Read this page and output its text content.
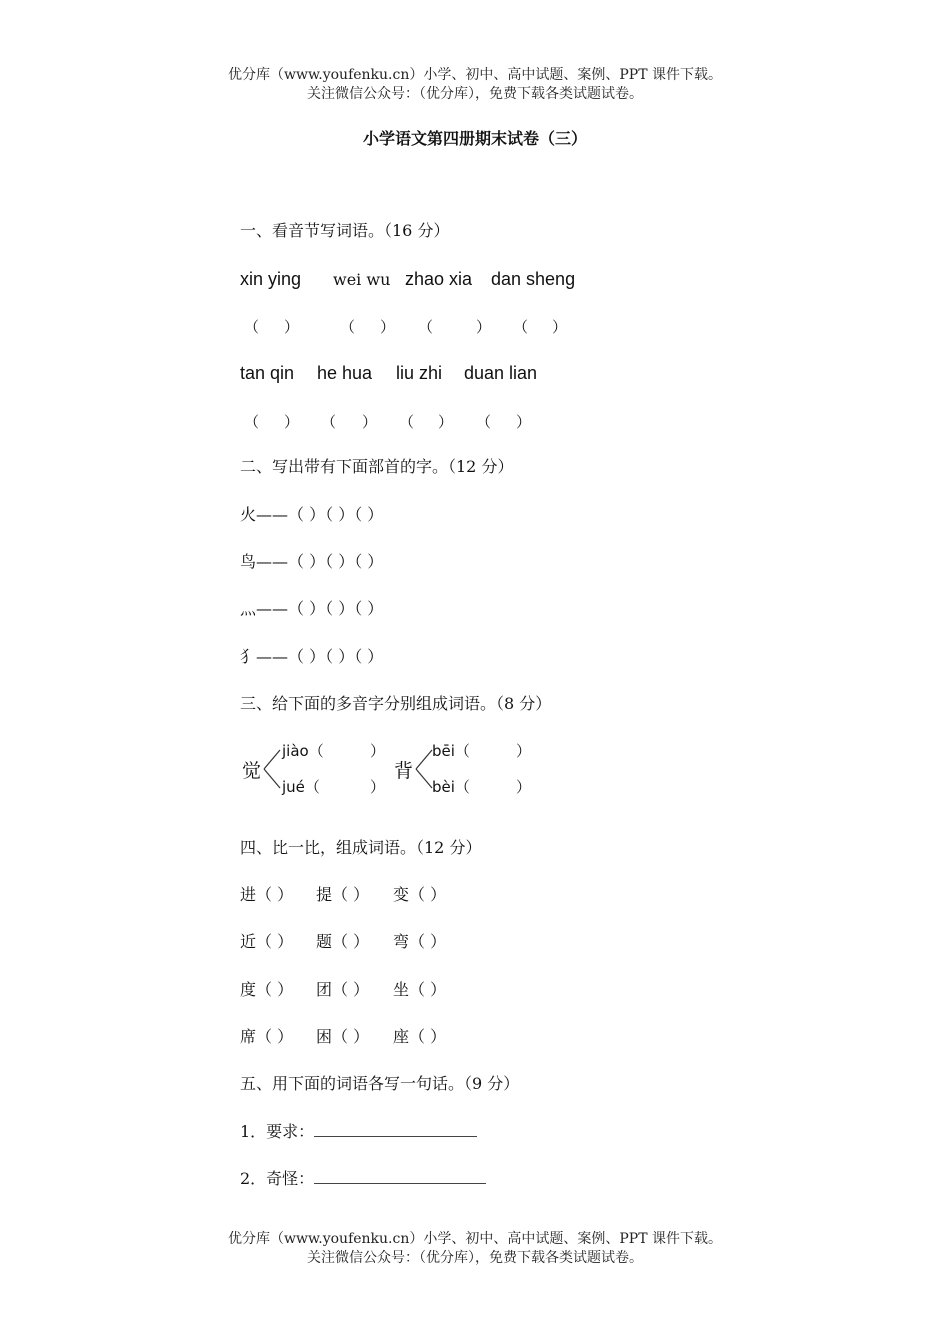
优分库（www.youfenku.cn）小学、初中、高中试题、案例、PPT 课件下载。
关注微信公众号：（优分库），免费下载各类试题试卷。
小学语文第四册期末试卷（三）
一、看音节写词语。（16 分）
xin ying wei wu zhao xia dan sheng
（ ）	（ ） （	） （ ）
tan qin he hua liu zhi duan lian
（ ） （ ） （ ） （ ）
二、写出带有下面部首的字。（12 分）
火——（ ）（ ）（ ）
鸟——（ ）（ ）（ ）
灬——（ ）（ ）（ ）
犭——（ ）（ ）（ ）
三、给下面的多音字分别组成词语。（8 分）
觉
jiào（	）
jué（	）
背
bēi（	）
bèi（	）
四、比一比，组成词语。（12 分）
进（ ） 提（ ） 变（ ）
近（ ） 题（ ） 弯（ ）
度（ ） 团（ ） 坐（ ）
席（ ） 困（ ） 座（ ）
五、用下面的词语各写一句话。（9 分）
1．要求：
2．奇怪：
优分库（www.youfenku.cn）小学、初中、高中试题、案例、PPT 课件下载。
关注微信公众号：（优分库），免费下载各类试题试卷。
